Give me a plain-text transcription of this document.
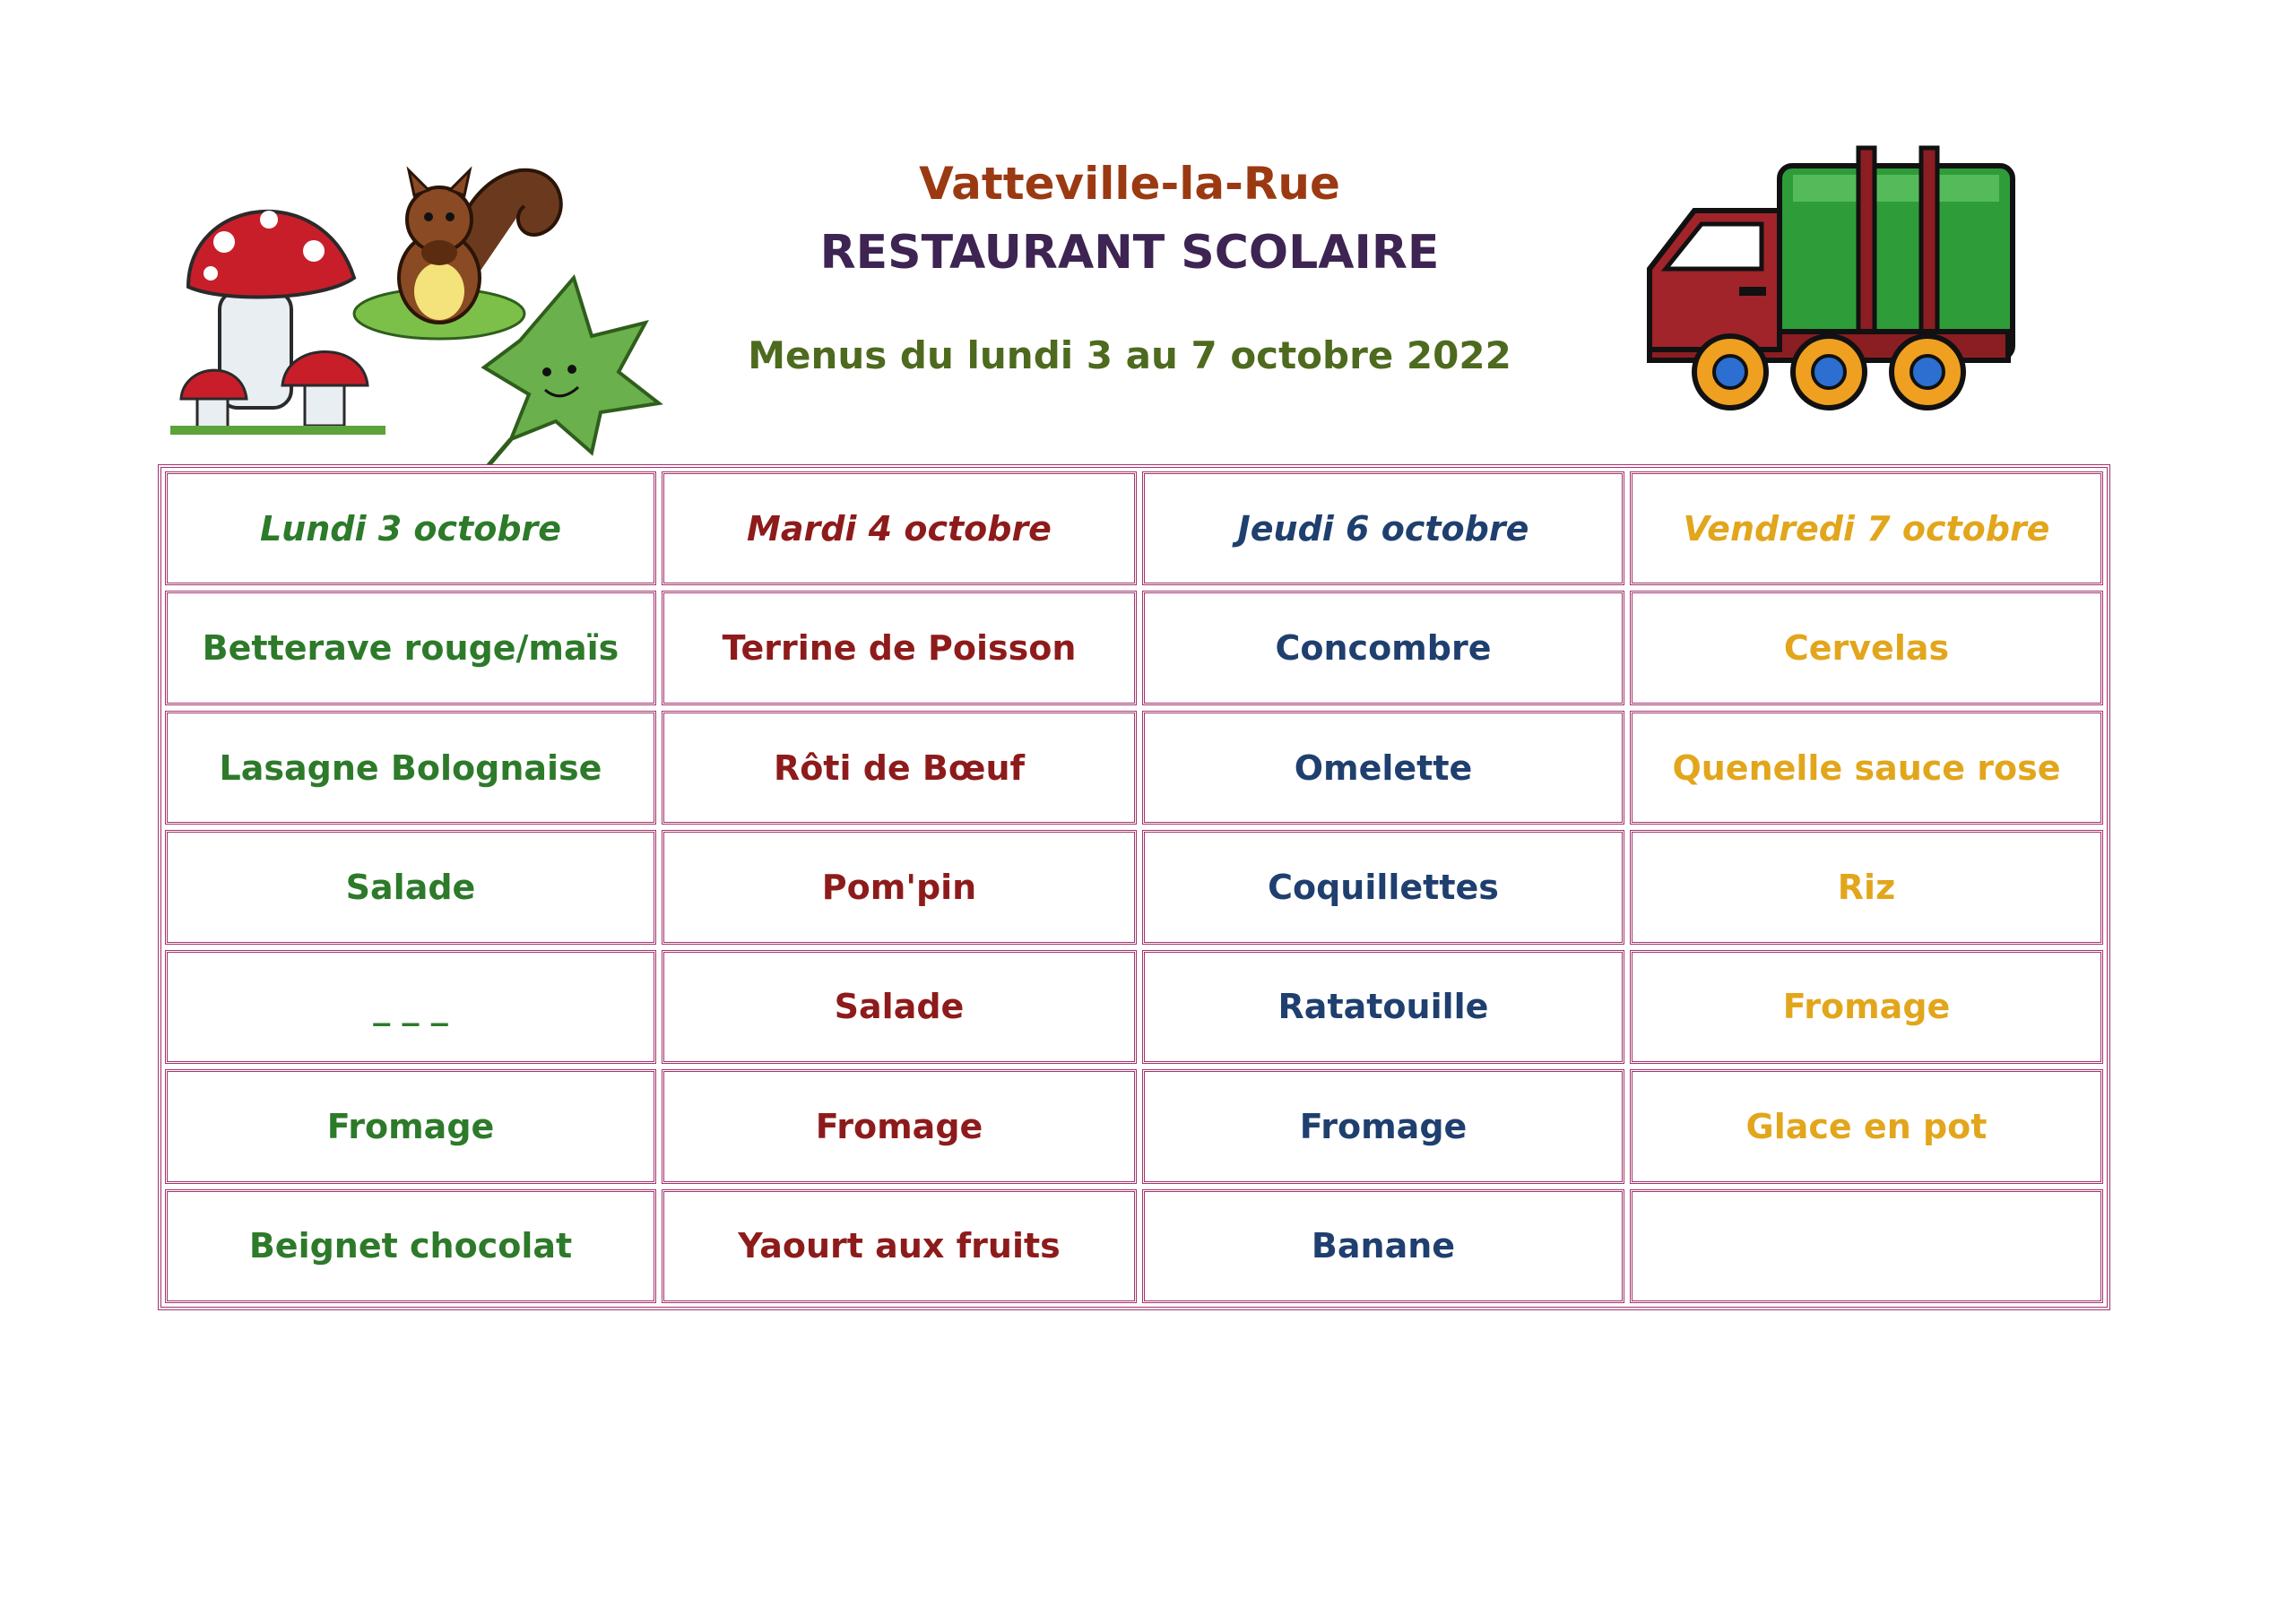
Vatteville-la-Rue
RESTAURANT SCOLAIRE
Menus du lundi 3 au 7 octobre 2022
Lundi 3 octobre	Mardi 4 octobre	Jeudi 6 octobre	Vendredi 7 octobre
Betterave rouge/maïs	Terrine de Poisson	Concombre	Cervelas
Lasagne Bolognaise	Rôti de Bœuf	Omelette	Quenelle sauce rose
Salade	Pom'pin	Coquillettes	Riz
_ _ _	Salade	Ratatouille	Fromage
Fromage	Fromage	Fromage	Glace en pot
Beignet chocolat	Yaourt aux fruits	Banane
